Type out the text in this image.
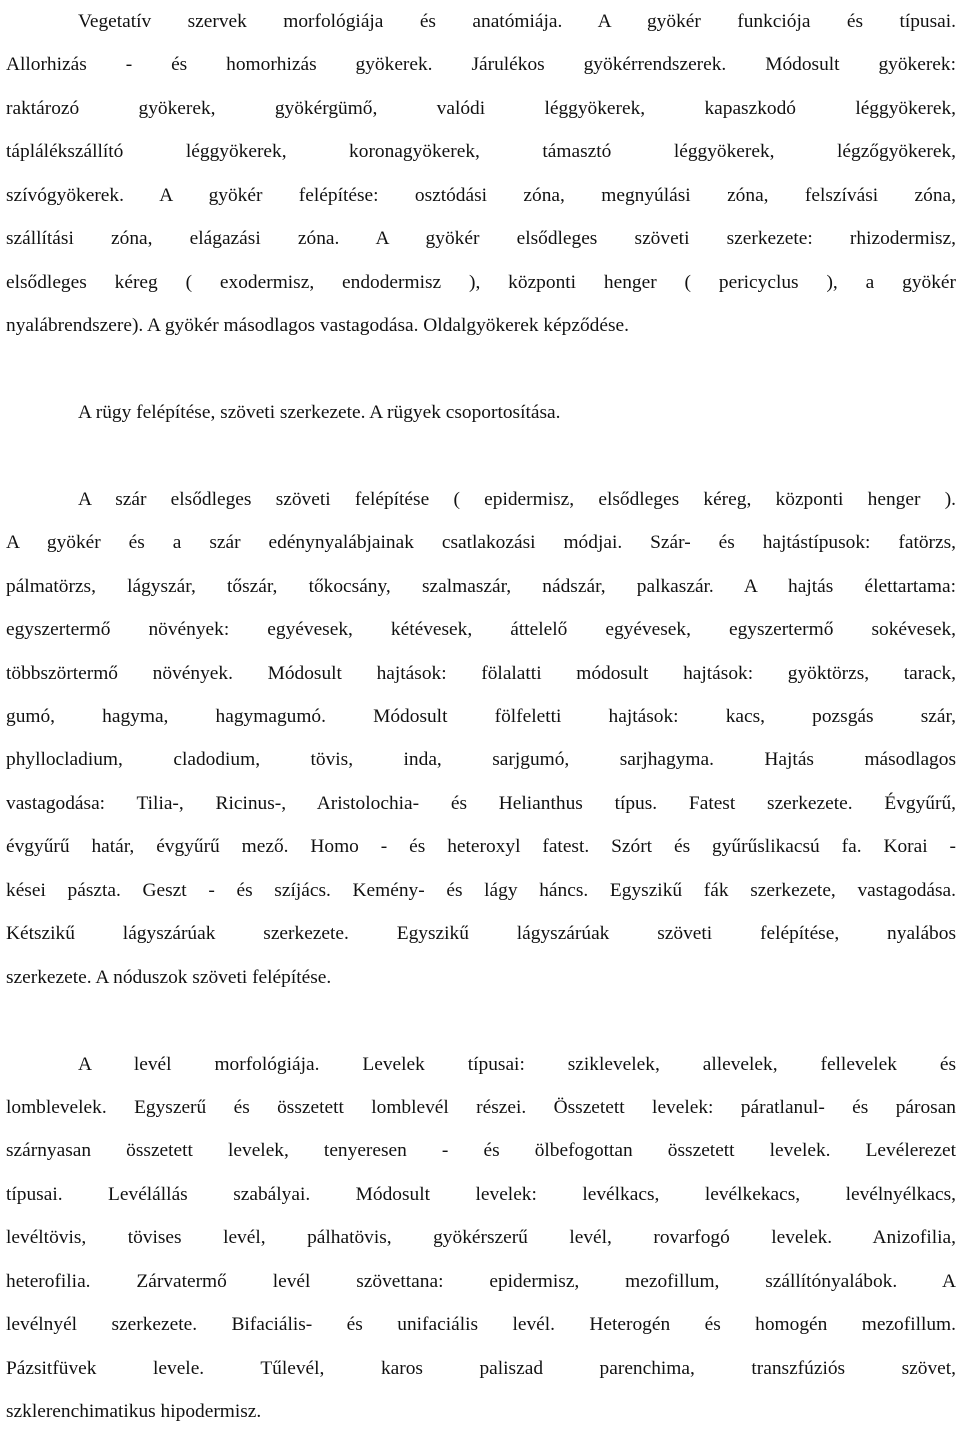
Vegetatív szervek morfológiája és anatómiája. A gyökér funkciója és típusai.
Allorhizás - és homorhizás gyökerek. Járulékos gyökérrendszerek. Módosult gyökerek:
raktározó gyökerek, gyökérgümő, valódi léggyökerek, kapaszkodó léggyökerek,
táplálékszállító léggyökerek, koronagyökerek, támasztó léggyökerek, légzőgyökerek,
szívógyökerek. A gyökér felépítése: osztódási zóna, megnyúlási zóna, felszívási zóna,
szállítási zóna, elágazási zóna. A gyökér elsődleges szöveti szerkezete: rhizodermisz,
elsődleges kéreg ( exodermisz, endodermisz ), központi henger ( pericyclus ), a gyökér
nyalábrendszere). A gyökér másodlagos vastagodása. Oldalgyökerek képződése.
A rügy felépítése, szöveti szerkezete. A rügyek csoportosítása.
A szár elsődleges szöveti felépítése ( epidermisz, elsődleges kéreg, központi henger ).
A gyökér és a szár edénynyalábjainak csatlakozási módjai. Szár- és hajtástípusok: fatörzs,
pálmatörzs, lágyszár, tőszár, tőkocsány, szalmaszár, nádszár, palkaszár. A hajtás élettartama:
egyszertermő növények: egyévesek, kétévesek, áttelelő egyévesek, egyszertermő sokévesek,
többszörtermő növények. Módosult hajtások: fölalatti módosult hajtások: gyöktörzs, tarack,
gumó, hagyma, hagymagumó. Módosult fölfeletti hajtások: kacs, pozsgás szár,
phyllocladium, cladodium, tövis, inda, sarjgumó, sarjhagyma. Hajtás másodlagos
vastagodása: Tilia-, Ricinus-, Aristolochia- és Helianthus típus. Fatest szerkezete. Évgyűrű,
évgyűrű határ, évgyűrű mező. Homo - és heteroxyl fatest. Szórt és gyűrűslikacsú fa. Korai -
kései pászta. Geszt - és szíjács. Kemény- és lágy háncs. Egyszikű fák szerkezete, vastagodása.
Kétszikű lágyszárúak szerkezete. Egyszikű lágyszárúak szöveti felépítése, nyalábos
szerkezete. A nóduszok szöveti felépítése.
A levél morfológiája. Levelek típusai: sziklevelek, allevelek, fellevelek és
lomblevelek. Egyszerű és összetett lomblevél részei. Összetett levelek: páratlanul- és párosan
szárnyasan összetett levelek, tenyeresen - és ölbefogottan összetett levelek. Levélerezet
típusai. Levélállás szabályai. Módosult levelek: levélkacs, levélkekacs, levélnyélkacs,
levéltövis, tövises levél, pálhatövis, gyökérszerű levél, rovarfogó levelek. Anizofilia,
heterofilia. Zárvatermő levél szövettana: epidermisz, mezofillum, szállítónyalábok. A
levélnyél szerkezete. Bifaciális- és unifaciális levél. Heterogén és homogén mezofillum.
Pázsitfüvek levele. Tűlevél, karos paliszad parenchima, transzfúziós szövet,
szklerenchimatikus hipodermisz.
